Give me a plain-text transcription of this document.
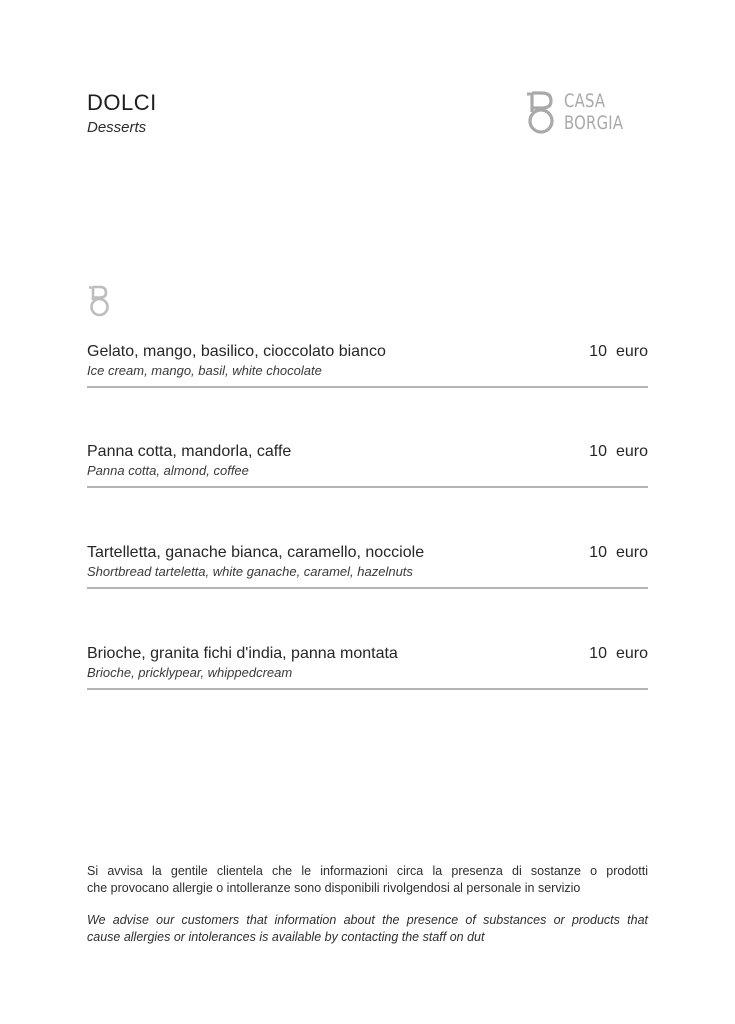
DOLCI
Desserts
CASA
BORGIA
Gelato, mango, basilico, cioccolato bianco
Ice cream, mango, basil, white chocolate
10 euro
Panna cotta, mandorla, caffe
Panna cotta, almond, coffee
10 euro
Tartelletta, ganache bianca, caramello, nocciole
Shortbread tarteletta, white ganache, caramel, hazelnuts
10 euro
Brioche, granita fichi d'india, panna montata
Brioche, pricklypear, whippedcream
10 euro
Si avvisa la gentile clientela che le informazioni circa la presenza di sostanze o prodotti
che provocano allergie o intolleranze sono disponibili rivolgendosi al personale in servizio
We advise our customers that information about the presence of substances or products that
cause allergies or intolerances is available by contacting the staff on dut
